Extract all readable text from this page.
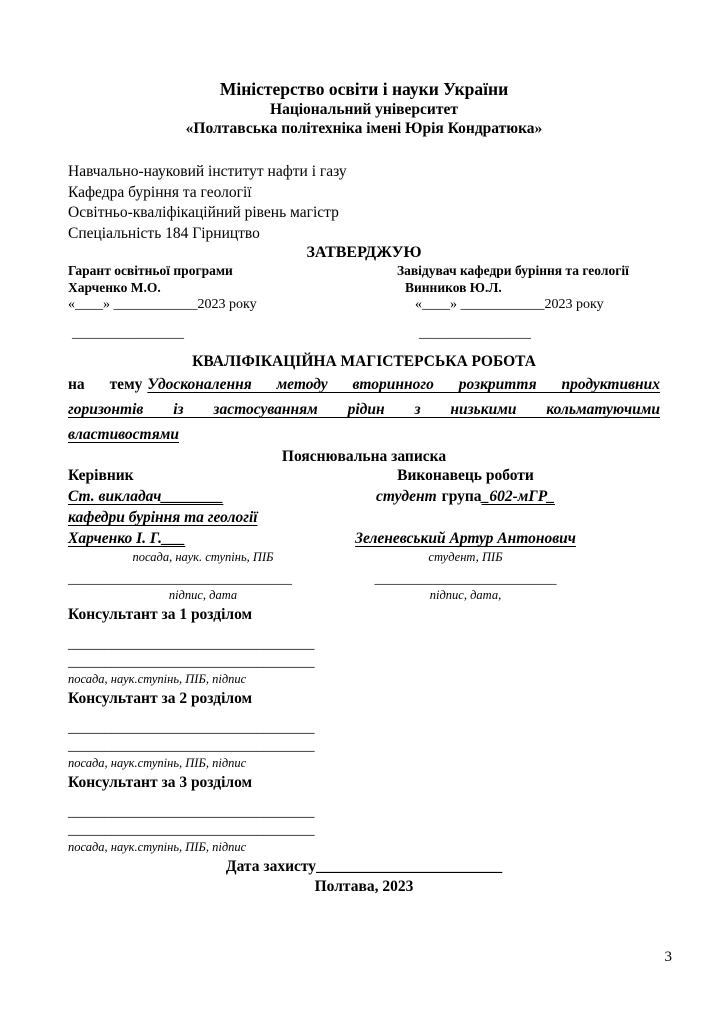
Міністерство освіти і науки України
Національний університет
«Полтавська політехніка імені Юрія Кондратюка»
Навчально-науковий інститут нафти і газу
Кафедра буріння та геології
Освітньо-кваліфікаційний рівень магістр
Спеціальність 184 Гірництво
ЗАТВЕРДЖУЮ
Гарант освітньої програми
Харченко М.О.
«____» ____________2023 року
________________
Завідувач кафедри буріння та геології
Винников Ю.Л.
«____» ____________2023 року
________________
КВАЛІФІКАЦІЙНА МАГІСТЕРСЬКА РОБОТА
на тему Удосконалення методу вторинного розкриття продуктивних
горизонтів із застосуванням рідин з низькими кольматуючими
властивостями
Пояснювальна записка
Керівник
Ст. викладач________
кафедри буріння та геології
Харченко І. Г.___
посада, наук. ступінь, ПІБ
________________________________
підпис, дата
Виконавець роботи
студент група_602-мГР_

Зеленевський Артур Антонович
студент, ПІБ
__________________________
підпис, дата,
Консультант за 1 розділом
__________________________________
__________________________________
посада, наук.ступінь, ПІБ, підпис
Консультант за 2 розділом
__________________________________
__________________________________
посада, наук.ступінь, ПІБ, підпис
Консультант за 3 розділом
__________________________________
__________________________________
посада, наук.ступінь, ПІБ, підпис
Дата захисту________________________
Полтава, 2023
3
